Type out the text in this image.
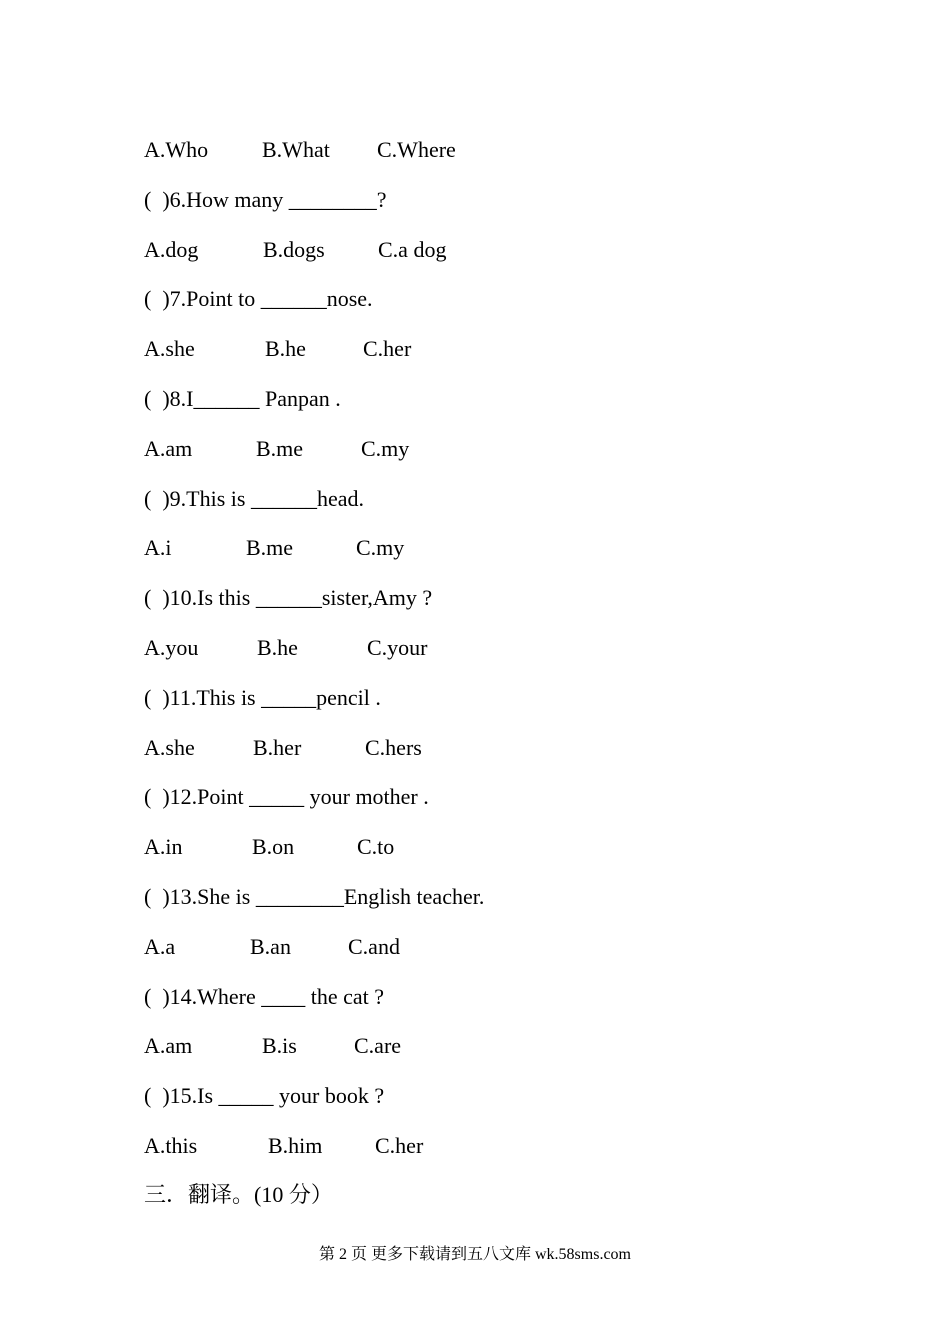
A.Who B.What C.Where
(  )6.How many ________?
A.dog	B.dogs C.a dog
(  )7.Point to ______nose.
A.she	B.he	C.her
(  )8.I______ Panpan .
A.am	B.me	C.my
(  )9.This is ______head.
A.i	B.me	C.my
(  )10.Is this ______sister,Amy ?
A.you	B.he	C.your
(  )11.This is _____pencil .
A.she	B.her	C.hers
(  )12.Point _____ your mother .
A.in	B.on	C.to
(  )13.She is ________English teacher.
A.a	B.an	C.and
(  )14.Where ____ the cat ?
A.am	B.is	C.are
(  )15.Is _____ your book ?
A.this	B.him C.her
三．翻译。(10 分）
第 2 页 更多下载请到五八文库 wk.58sms.com
